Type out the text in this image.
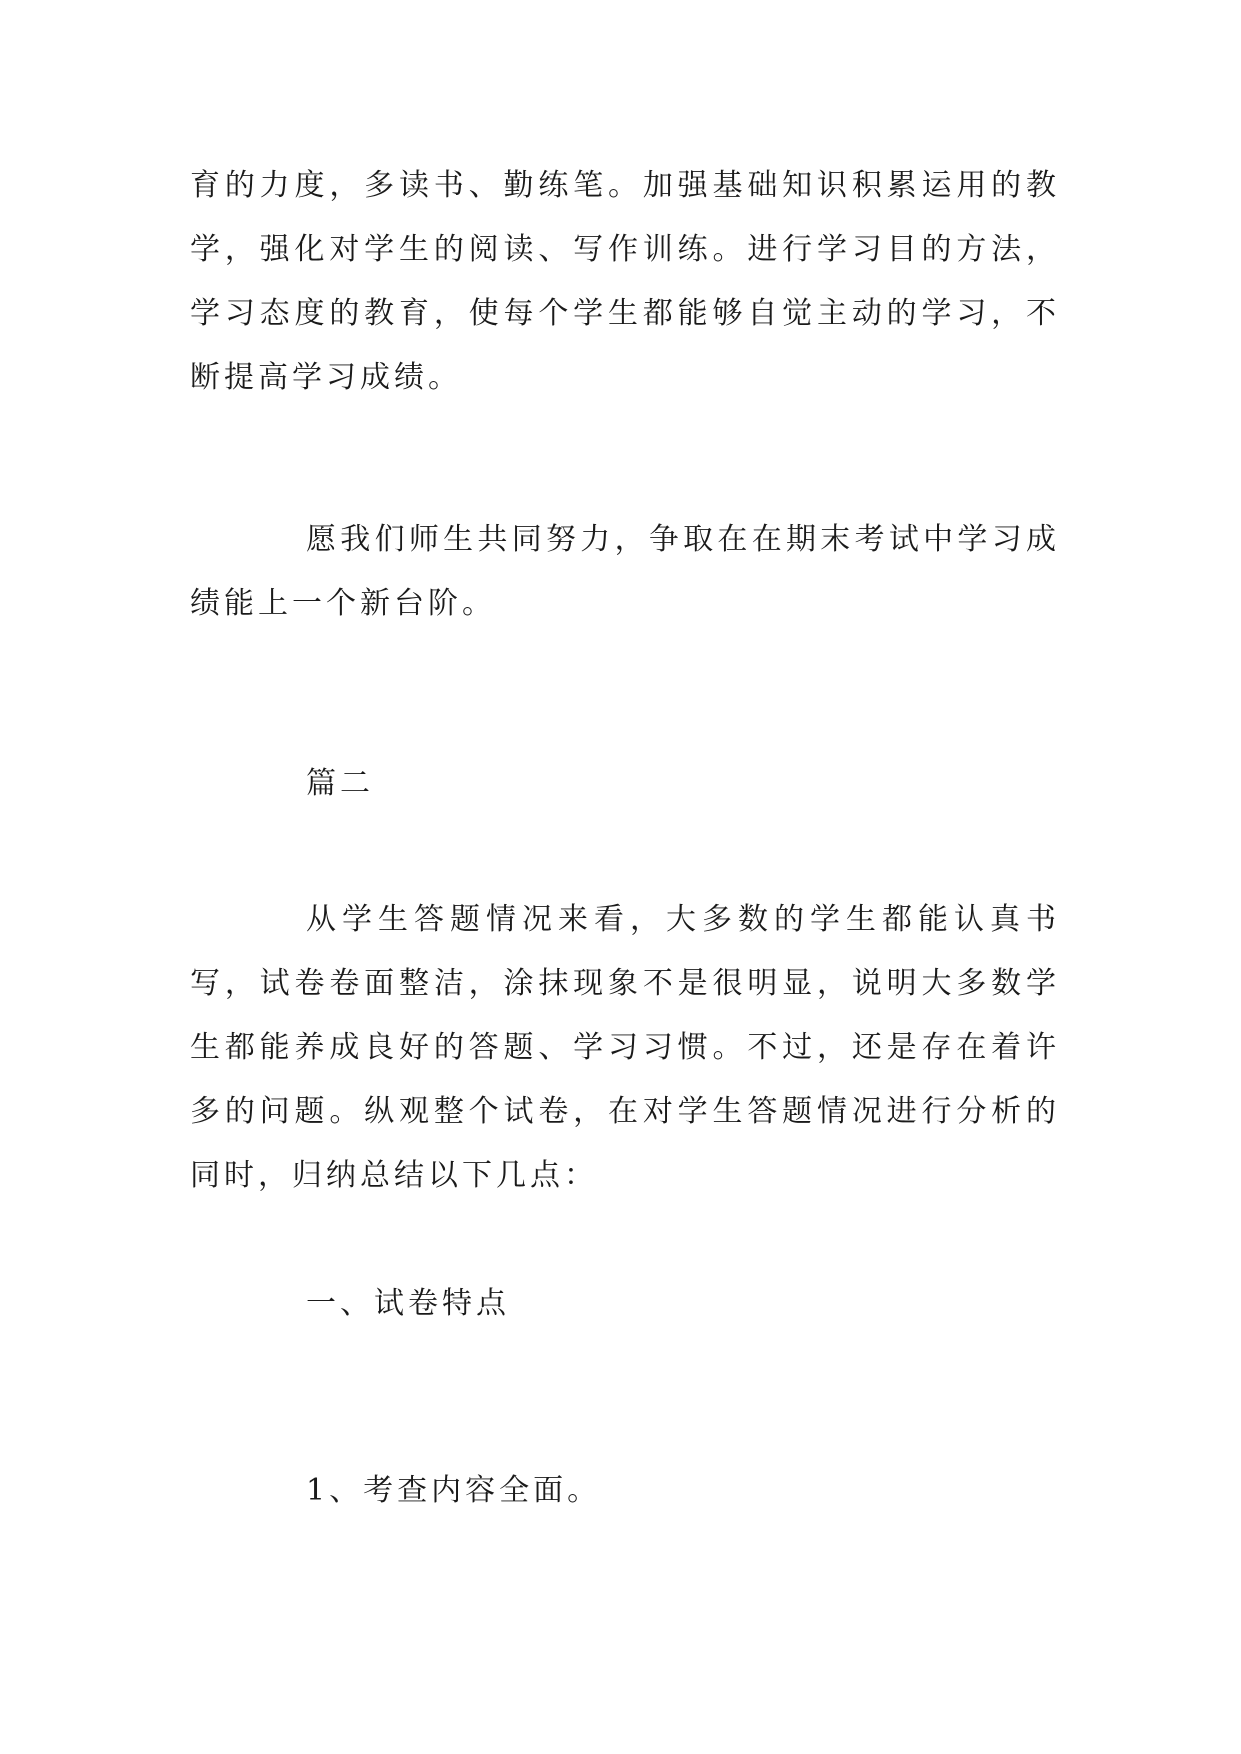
育的力度，多读书、勤练笔。加强基础知识积累运用的教学，强化对学生的阅读、写作训练。进行学习目的方法，学习态度的教育，使每个学生都能够自觉主动的学习，不断提高学习成绩。

愿我们师生共同努力，争取在在期末考试中学习成绩能上一个新台阶。

篇二

从学生答题情况来看，大多数的学生都能认真书写，试卷卷面整洁，涂抹现象不是很明显，说明大多数学生都能养成良好的答题、学习习惯。不过，还是存在着许多的问题。纵观整个试卷，在对学生答题情况进行分析的同时，归纳总结以下几点：

一、试卷特点

1、考查内容全面。
